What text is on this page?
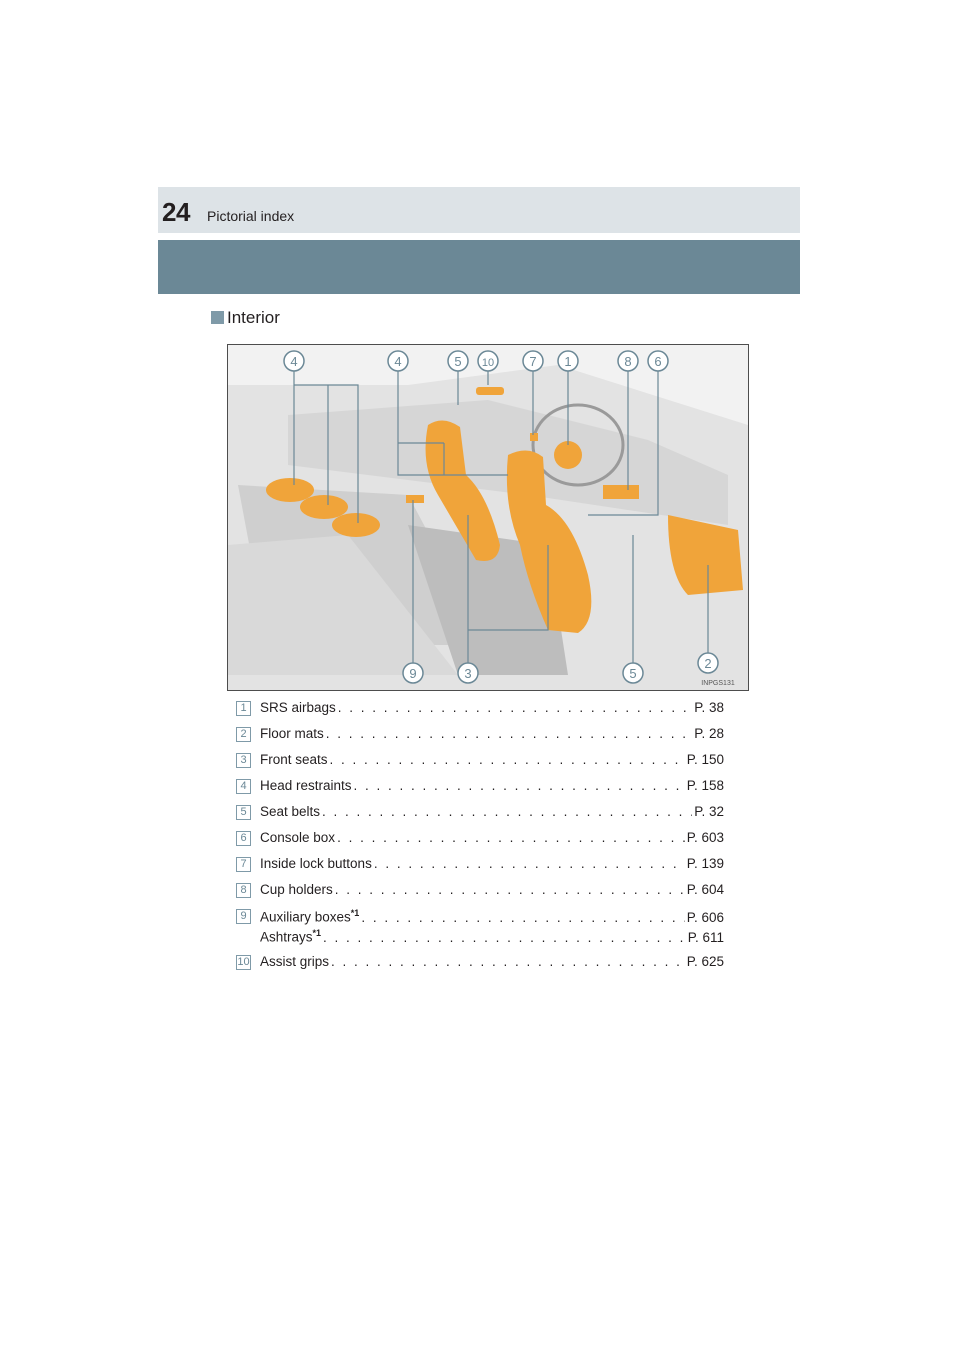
24 Pictorial index
Interior
4	4	5 10	7 1	8 6
9	3	5
2
INPGS131
1 SRS airbags . . .	P. 38
2 Floor mats . . .	P. 28
3 Front seats . . .	P. 150
4 Head restraints . . .	P. 158
5 Seat belts . . .	P. 32
6 Console box . . .	P. 603
7 Inside lock buttons . . .	P. 139
8 Cup holders . . .	P. 604
9 Auxiliary boxes$^{*1}$ . . .	P. 606
Ashtrays$^{*1}$ . . .	P. 611
10 Assist grips . . .	P. 625
